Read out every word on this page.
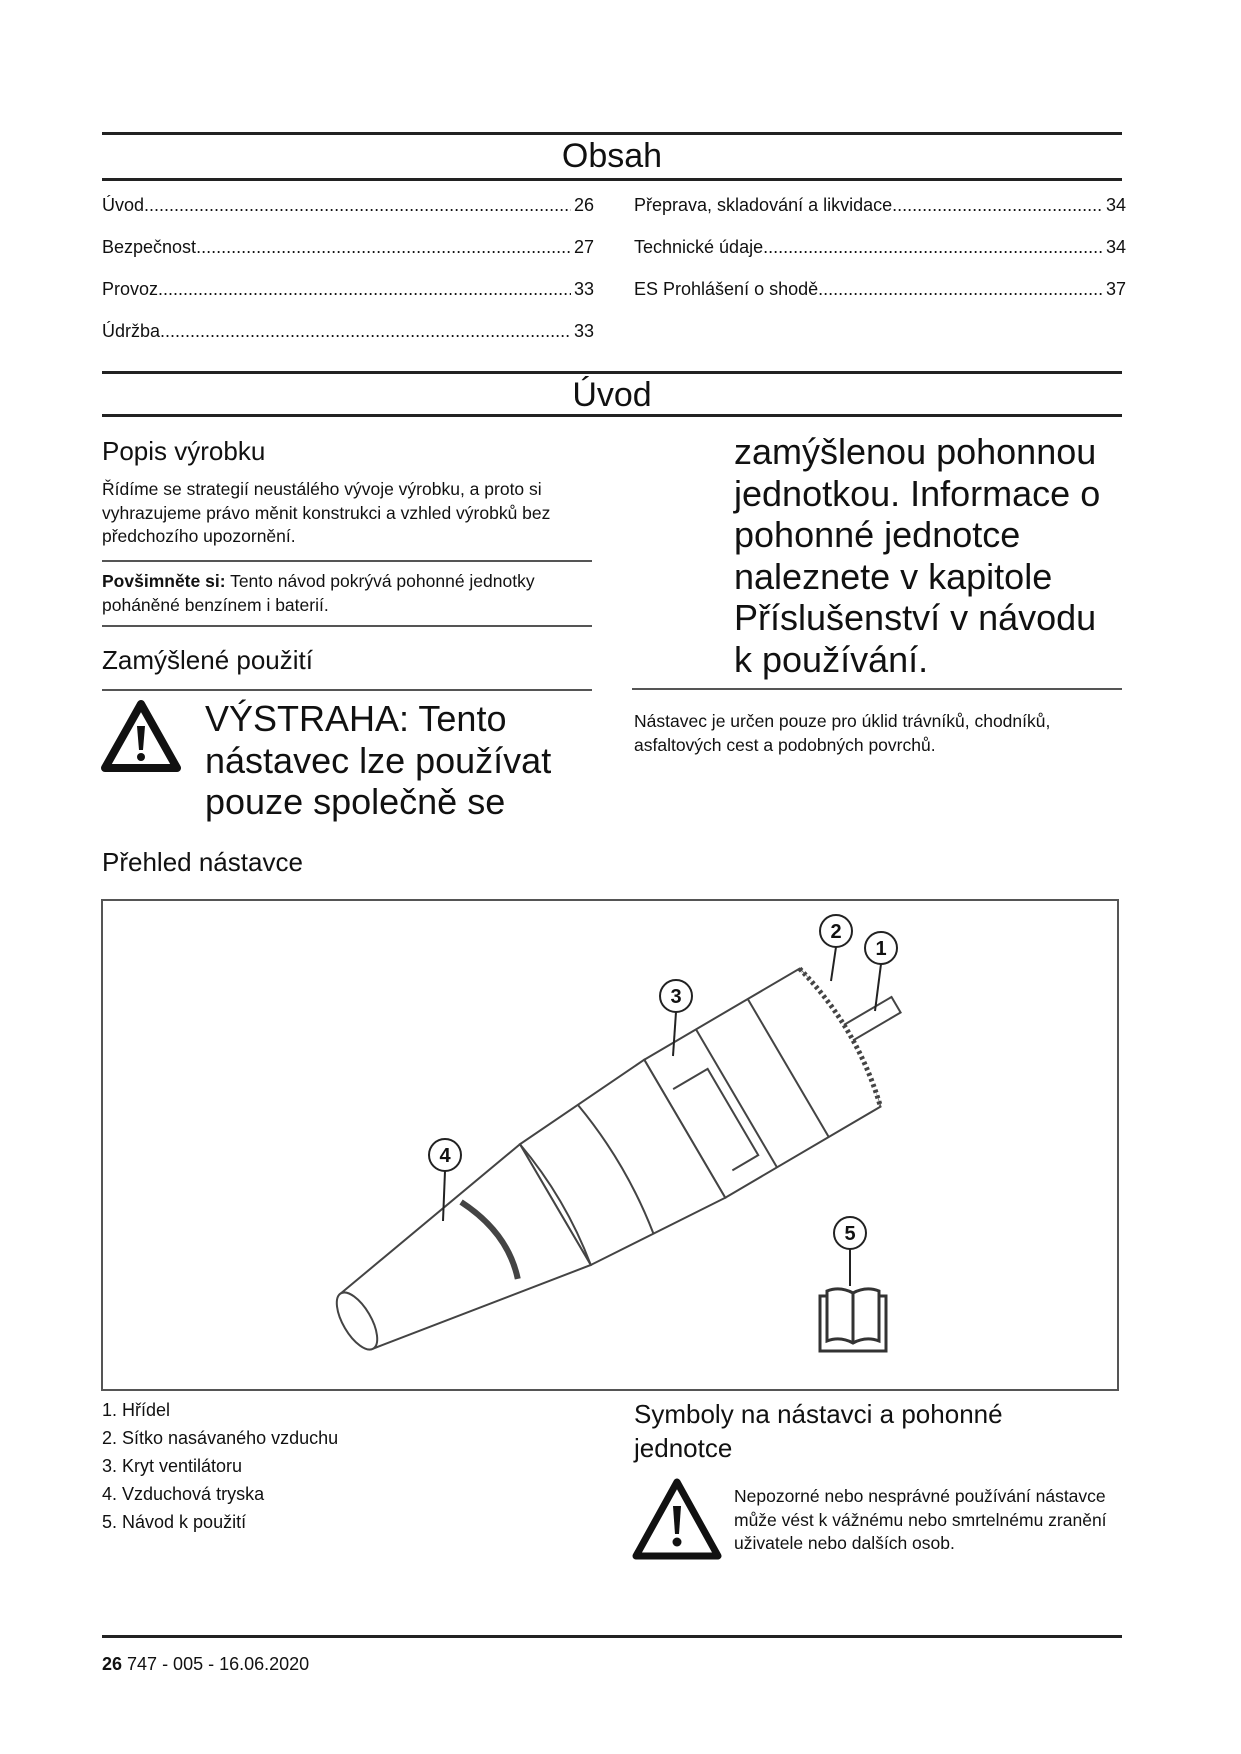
Obsah
Úvod
Popis výrobku
Řídíme se strategií neustálého vývoje výrobku, a proto si vyhrazujeme právo měnit konstrukci a vzhled výrobků bez předchozího upozornění.
Povšimněte si: Tento návod pokrývá pohonné jednotky poháněné benzínem i baterií.
Zamýšlené použití
VÝSTRAHA: Tento nástavec lze používat pouze společně se
zamýšlenou pohonnou jednotkou. Informace o pohonné jednotce naleznete v kapitole Příslušenství v návodu k používání.
Nástavec je určen pouze pro úklid trávníků, chodníků, asfaltových cest a podobných povrchů.
Přehled nástavce
2
1
3
4
5
1. Hřídel
2. Sítko nasávaného vzduchu
3. Kryt ventilátoru
4. Vzduchová tryska
5. Návod k použití
Symboly na nástavci a pohonné jednotce
Nepozorné nebo nesprávné používání nástavce může vést k vážnému nebo smrtelnému zranění uživatele nebo dalších osob.
26 747 - 005 - 16.06.2020
Úvod .....	26
Bezpečnost .....	27
Provoz .....	33
Údržba .....	33
Přeprava, skladování a likvidace .....	34
Technické údaje .....	34
ES Prohlášení o shodě .....	37
